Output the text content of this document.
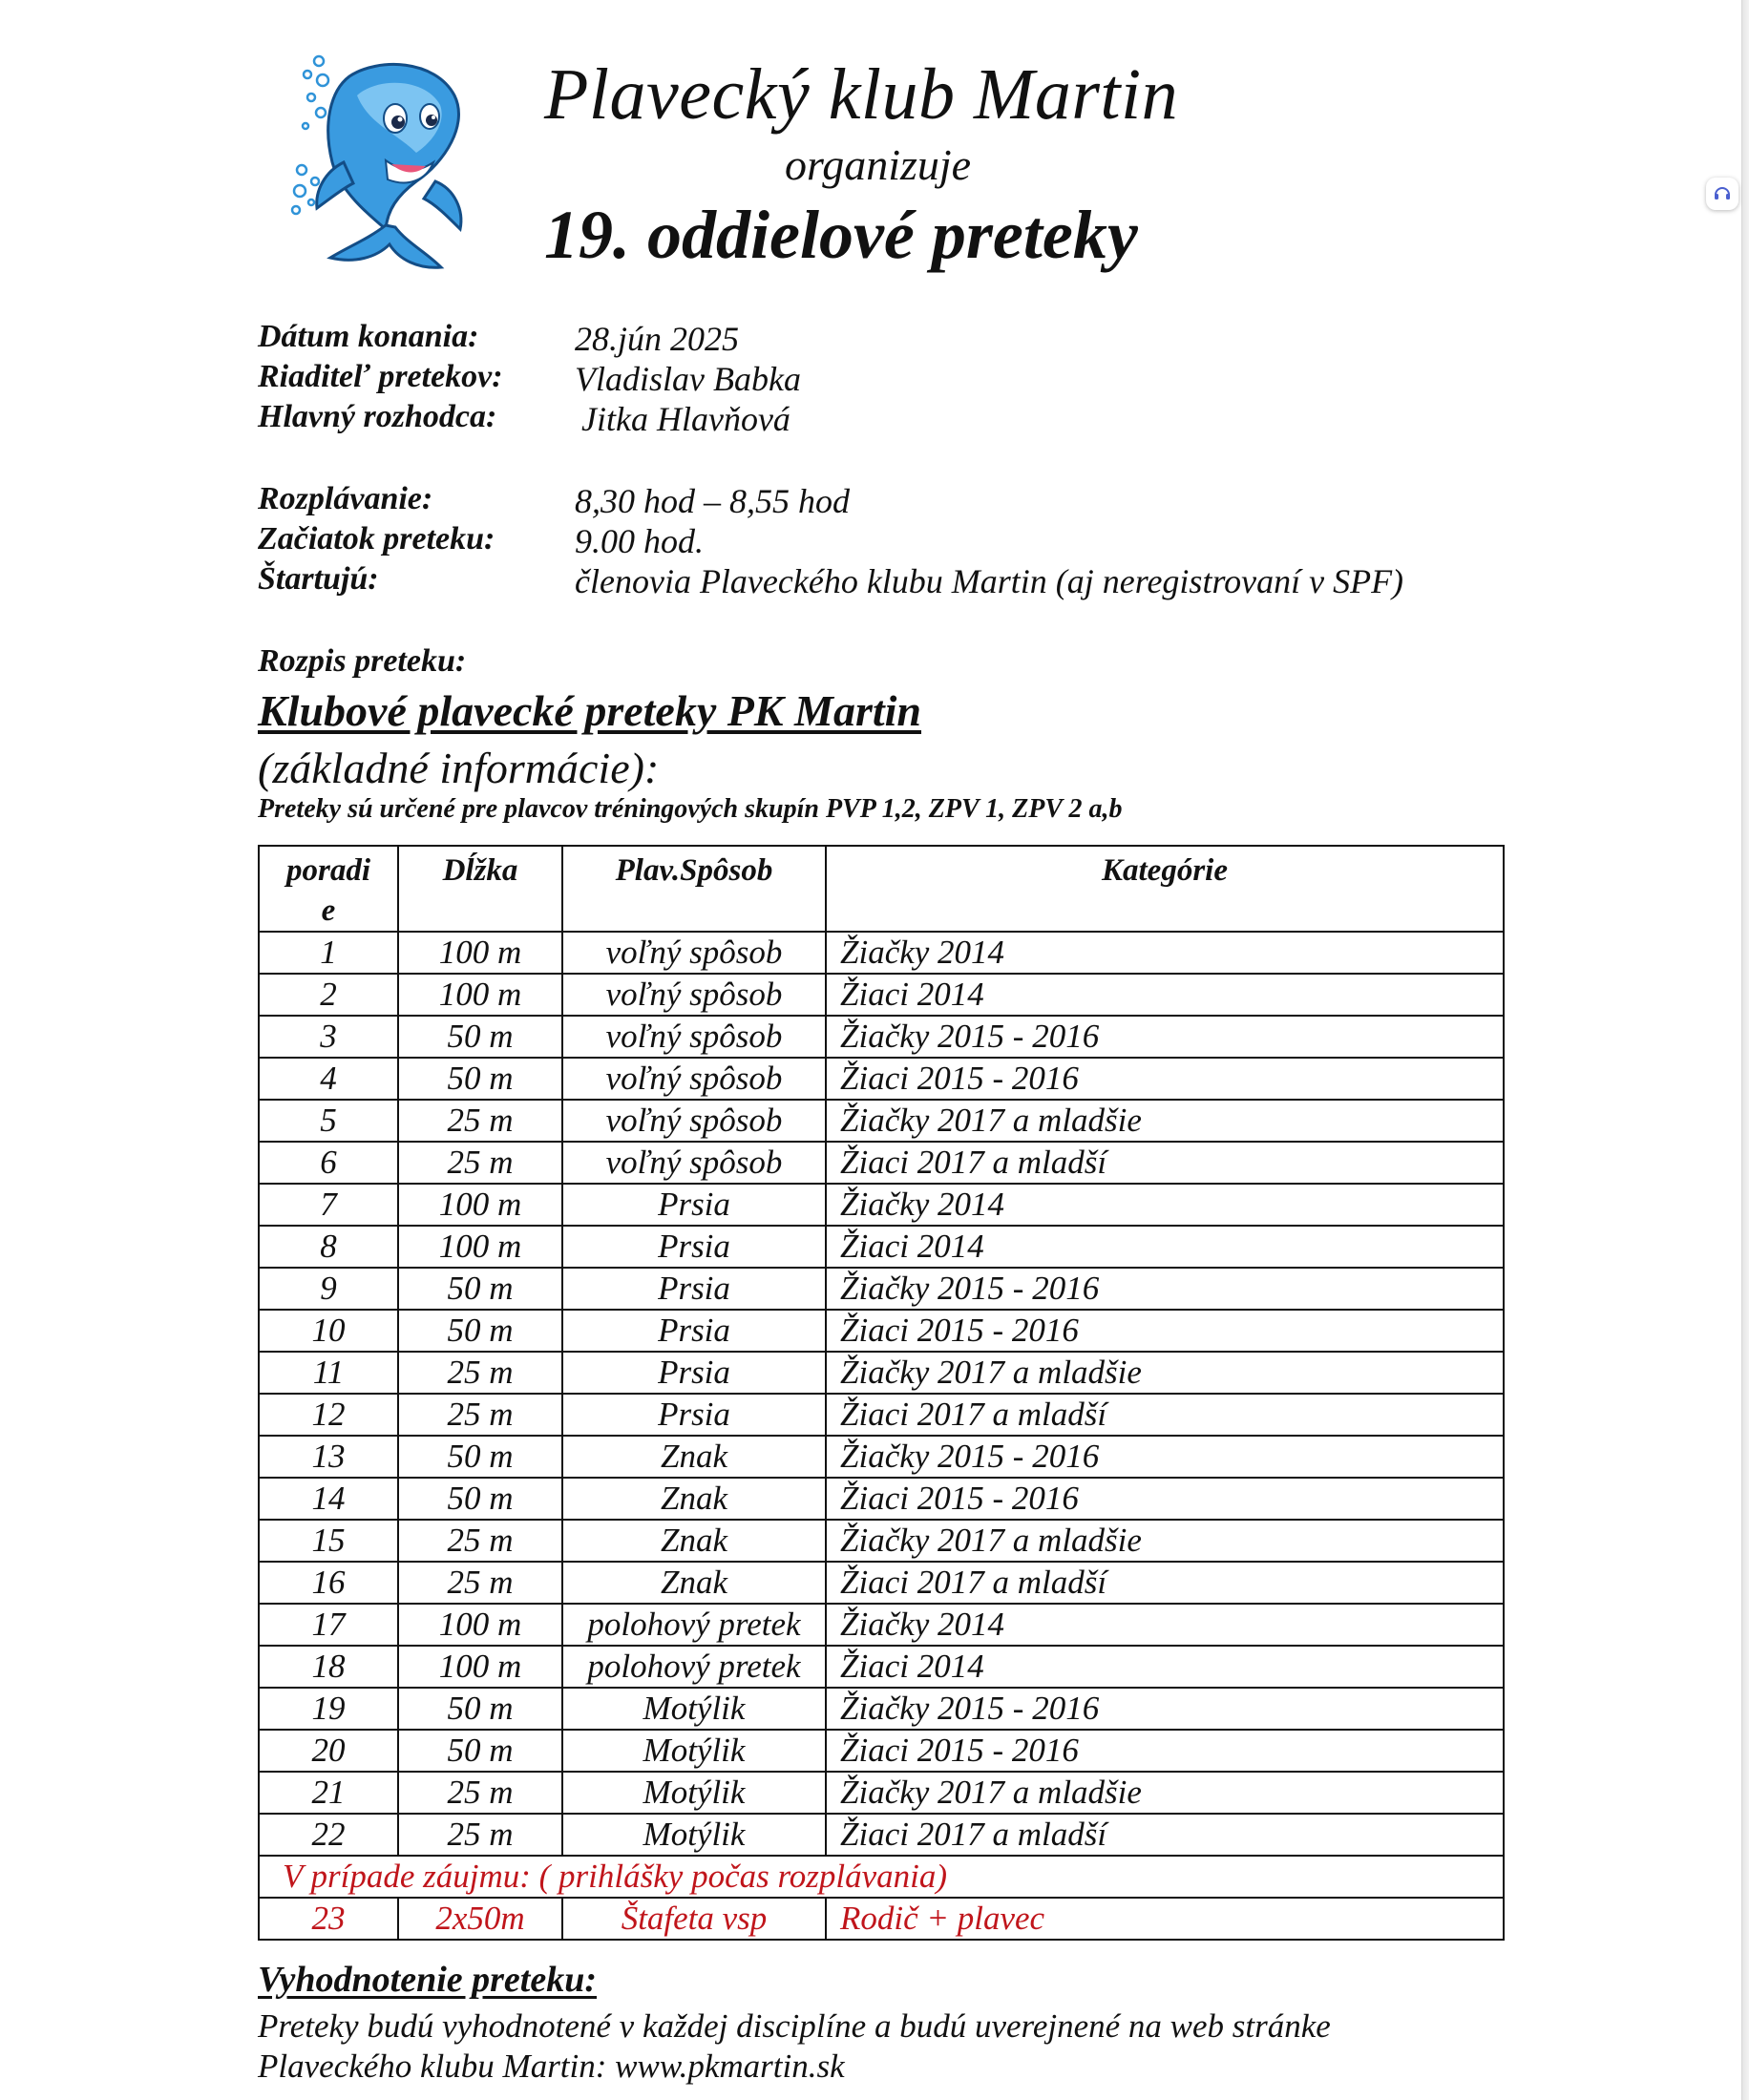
Plavecký klub Martin
organizuje
19. oddielové preteky
Dátum konania:	28.jún 2025
Riaditeľ pretekov: Vladislav Babka
Hlavný rozhodca: Jitka Hlavňová
Rozplávanie:	8,30 hod – 8,55 hod
Začiatok preteku: 9.00 hod.
Štartujú:	členovia Plaveckého klubu Martin (aj neregistrovaní v SPF)
Rozpis preteku:
Klubové plavecké preteky PK Martin
(základné informácie):
Preteky sú určené pre plavcov tréningových skupín PVP 1,2, ZPV 1, ZPV 2 a,b
poradi
e	Dĺžka	Plav.Spôsob	Kategórie
1	100 m	voľný spôsob	Žiačky 2014
2	100 m	voľný spôsob	Žiaci 2014
3	50 m	voľný spôsob	Žiačky 2015 - 2016
4	50 m	voľný spôsob	Žiaci 2015 - 2016
5	25 m	voľný spôsob	Žiačky 2017 a mladšie
6	25 m	voľný spôsob	Žiaci 2017 a mladší
7	100 m	Prsia	Žiačky 2014
8	100 m	Prsia	Žiaci 2014
9	50 m	Prsia	Žiačky 2015 - 2016
10	50 m	Prsia	Žiaci 2015 - 2016
11	25 m	Prsia	Žiačky 2017 a mladšie
12	25 m	Prsia	Žiaci 2017 a mladší
13	50 m	Znak	Žiačky 2015 - 2016
14	50 m	Znak	Žiaci 2015 - 2016
15	25 m	Znak	Žiačky 2017 a mladšie
16	25 m	Znak	Žiaci 2017 a mladší
17	100 m	polohový pretek	Žiačky 2014
18	100 m	polohový pretek	Žiaci 2014
19	50 m	Motýlik	Žiačky 2015 - 2016
20	50 m	Motýlik	Žiaci 2015 - 2016
21	25 m	Motýlik	Žiačky 2017 a mladšie
22	25 m	Motýlik	Žiaci 2017 a mladší
V prípade záujmu: ( prihlášky počas rozplávania)			
23	2x50m	Štafeta vsp	Rodič + plavec
Vyhodnotenie preteku:
Preteky budú vyhodnotené v každej disciplíne a budú uverejnené na web stránke
Plaveckého klubu Martin: www.pkmartin.sk
